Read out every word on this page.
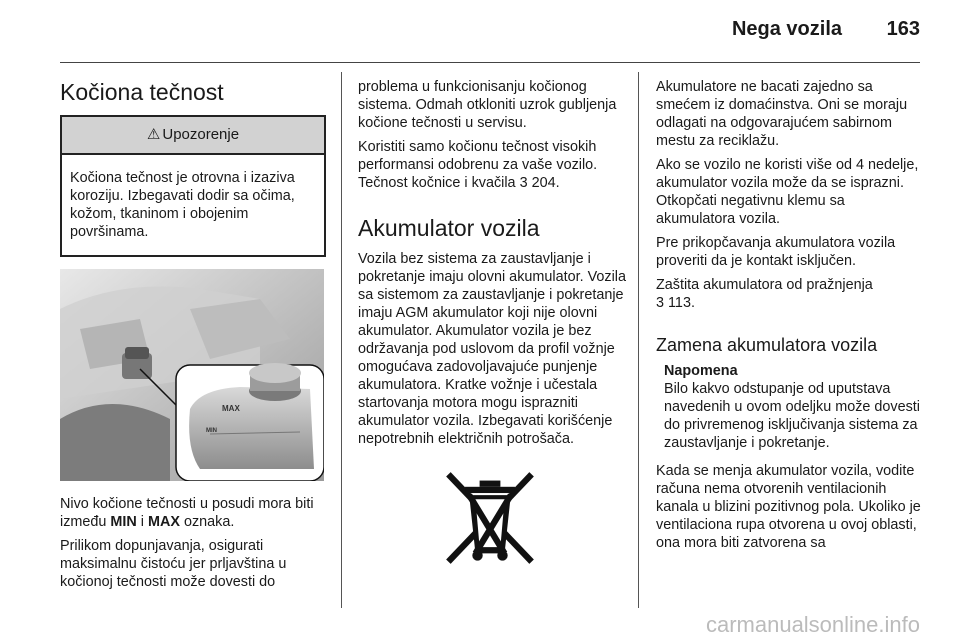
Nega vozila 163
Kočiona tečnost
⚠ Upozorenje
Kočiona tečnost je otrovna i izaziva koroziju. Izbegavati dodir sa očima, kožom, tkaninom i obojenim površinama.
MAX
MIN

Nivo kočione tečnosti u posudi mora biti između MIN i MAX oznaka.

Prilikom dopunjavanja, osigurati maksimalnu čistoću jer prljavština u kočionoj tečnosti može dovesti do

problema u funkcionisanju kočionog sistema. Odmah otkloniti uzrok gubljenja kočione tečnosti u servisu.

Koristiti samo kočionu tečnost visokih performansi odobrenu za vaše vozilo. Tečnost kočnice i kvačila 3 204.

Akumulator vozila

Vozila bez sistema za zaustavljanje i pokretanje imaju olovni akumulator. Vozila sa sistemom za zaustavljanje i pokretanje imaju AGM akumulator koji nije olovni akumulator. Akumulator vozila je bez održavanja pod uslovom da profil vožnje omogućava zadovoljavajuće punjenje akumulatora. Kratke vožnje i učestala startovanja motora mogu isprazniti akumulator vozila. Izbegavati korišćenje nepotrebnih električnih potrošača.

Akumulatore ne bacati zajedno sa smećem iz domaćinstva. Oni se moraju odlagati na odgovarajućem sabirnom mestu za reciklažu.

Ako se vozilo ne koristi više od 4 nedelje, akumulator vozila može da se isprazni. Otkopčati negativnu klemu sa akumulatora vozila.

Pre prikopčavanja akumulatora vozila proveriti da je kontakt isključen.

Zaštita akumulatora od pražnjenja
3 113.

Zamena akumulatora vozila
Napomena
Bilo kakvo odstupanje od uputstava navedenih u ovom odeljku može dovesti do privremenog isključivanja sistema za zaustavljanje i pokretanje.

Kada se menja akumulator vozila, vodite računa nema otvorenih ventilacionih kanala u blizini pozitivnog pola. Ukoliko je ventilaciona rupa otvorena u ovoj oblasti, ona mora biti zatvorena sa

carmanualsonline.info
